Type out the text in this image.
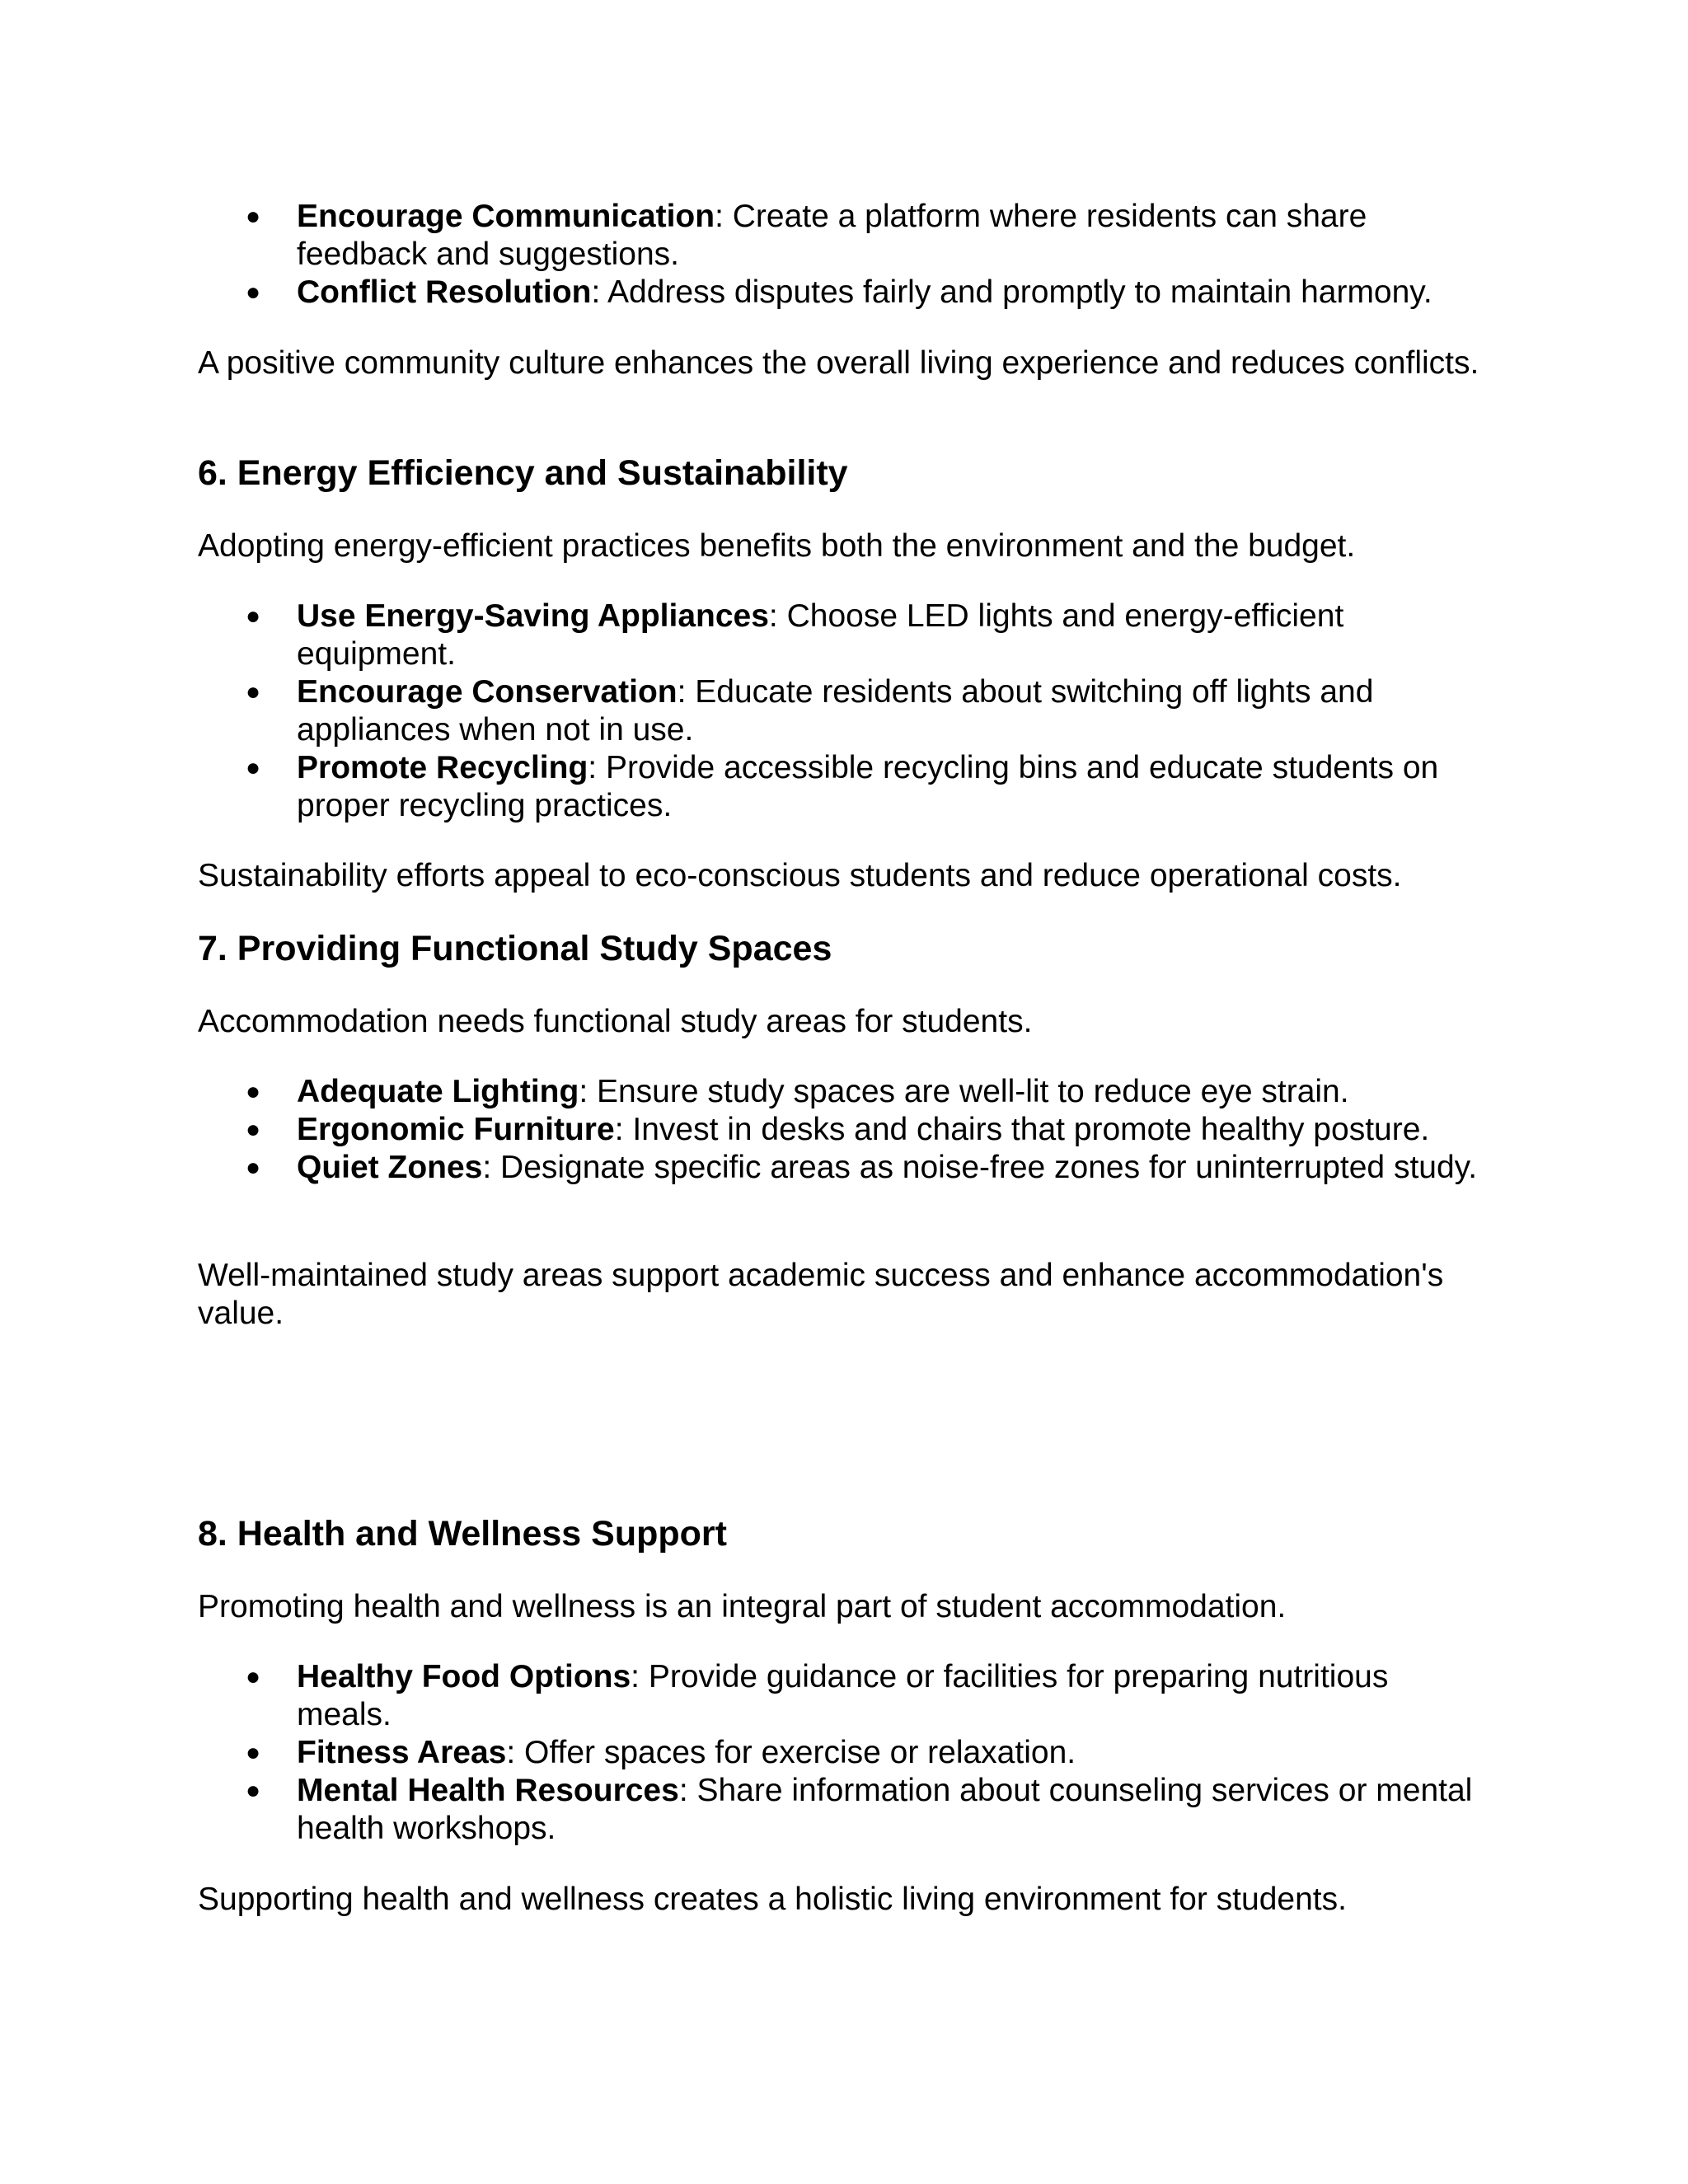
● Encourage Communication: Create a platform where residents can share feedback and suggestions.
● Conflict Resolution: Address disputes fairly and promptly to maintain harmony.

A positive community culture enhances the overall living experience and reduces conflicts.

6. Energy Efficiency and Sustainability

Adopting energy-efficient practices benefits both the environment and the budget.

● Use Energy-Saving Appliances: Choose LED lights and energy-efficient equipment.
● Encourage Conservation: Educate residents about switching off lights and appliances when not in use.
● Promote Recycling: Provide accessible recycling bins and educate students on proper recycling practices.

Sustainability efforts appeal to eco-conscious students and reduce operational costs.

7. Providing Functional Study Spaces

Accommodation needs functional study areas for students.

● Adequate Lighting: Ensure study spaces are well-lit to reduce eye strain.
● Ergonomic Furniture: Invest in desks and chairs that promote healthy posture.
● Quiet Zones: Designate specific areas as noise-free zones for uninterrupted study.

Well-maintained study areas support academic success and enhance accommodation's value.

8. Health and Wellness Support

Promoting health and wellness is an integral part of student accommodation.

● Healthy Food Options: Provide guidance or facilities for preparing nutritious meals.
● Fitness Areas: Offer spaces for exercise or relaxation.
● Mental Health Resources: Share information about counseling services or mental health workshops.

Supporting health and wellness creates a holistic living environment for students.
